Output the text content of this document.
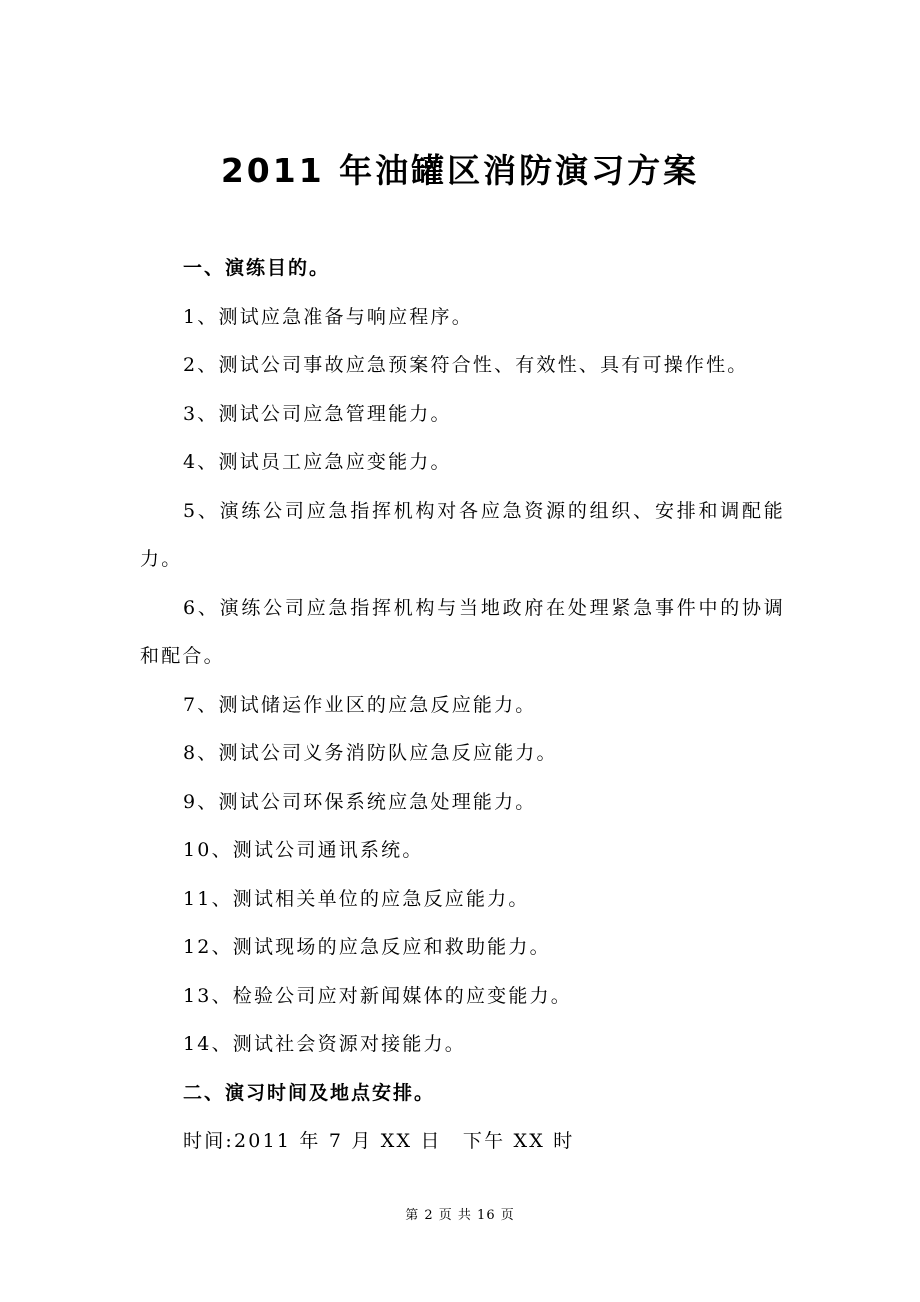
2011 年油罐区消防演习方案

一、演练目的。

1、测试应急准备与响应程序。

2、测试公司事故应急预案符合性、有效性、具有可操作性。

3、测试公司应急管理能力。

4、测试员工应急应变能力。

5、演练公司应急指挥机构对各应急资源的组织、安排和调配能力。

6、演练公司应急指挥机构与当地政府在处理紧急事件中的协调和配合。

7、测试储运作业区的应急反应能力。

8、测试公司义务消防队应急反应能力。

9、测试公司环保系统应急处理能力。

10、测试公司通讯系统。

11、测试相关单位的应急反应能力。

12、测试现场的应急反应和救助能力。

13、检验公司应对新闻媒体的应变能力。

14、测试社会资源对接能力。

二、演习时间及地点安排。

时间:2011 年 7 月 XX 日　下午 XX 时

第 2 页 共 16 页
